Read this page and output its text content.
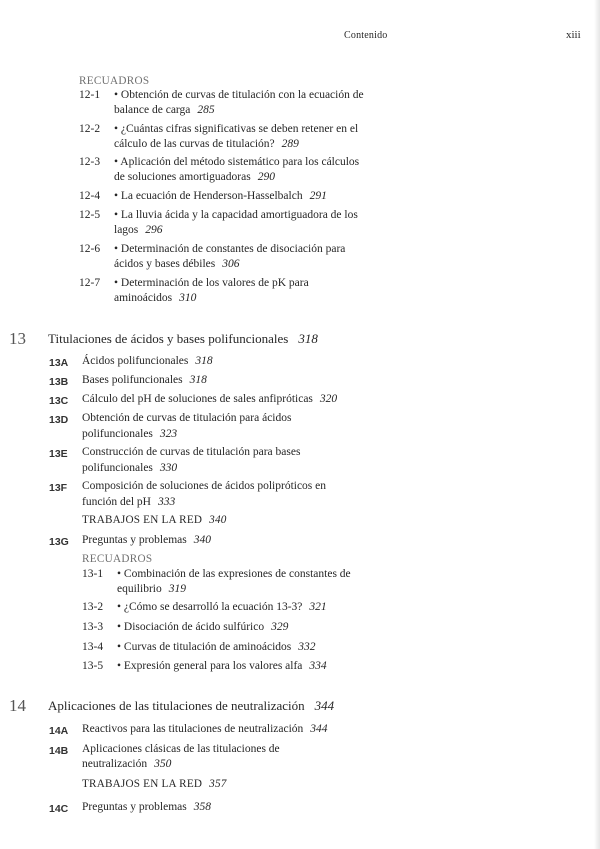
Contenido	xiii
RECUADROS
12-1 • Obtención de curvas de titulación con la ecuación de
balance de carga 285
12-2 • ¿Cuántas cifras significativas se deben retener en el
cálculo de las curvas de titulación? 289
12-3 • Aplicación del método sistemático para los cálculos
de soluciones amortiguadoras 290
12-4 • La ecuación de Henderson-Hasselbalch 291
12-5 • La lluvia ácida y la capacidad amortiguadora de los
lagos 296
12-6 • Determinación de constantes de disociación para
ácidos y bases débiles 306
12-7 • Determinación de los valores de pK para
aminoácidos 310
13 Titulaciones de ácidos y bases polifuncionales 318
13A Ácidos polifuncionales 318
13B Bases polifuncionales 318
13C Cálculo del pH de soluciones de sales anfipróticas 320
13D Obtención de curvas de titulación para ácidos
polifuncionales 323
13E Construcción de curvas de titulación para bases
polifuncionales 330
13F Composición de soluciones de ácidos polipróticos en
función del pH 333
TRABAJOS EN LA RED 340
13G Preguntas y problemas 340
RECUADROS
13-1 • Combinación de las expresiones de constantes de
equilibrio 319
13-2 • ¿Cómo se desarrolló la ecuación 13-3? 321
13-3 • Disociación de ácido sulfúrico 329
13-4 • Curvas de titulación de aminoácidos 332
13-5 • Expresión general para los valores alfa 334
14 Aplicaciones de las titulaciones de neutralización 344
14A Reactivos para las titulaciones de neutralización 344
14B Aplicaciones clásicas de las titulaciones de
neutralización 350
TRABAJOS EN LA RED 357
14C Preguntas y problemas 358
